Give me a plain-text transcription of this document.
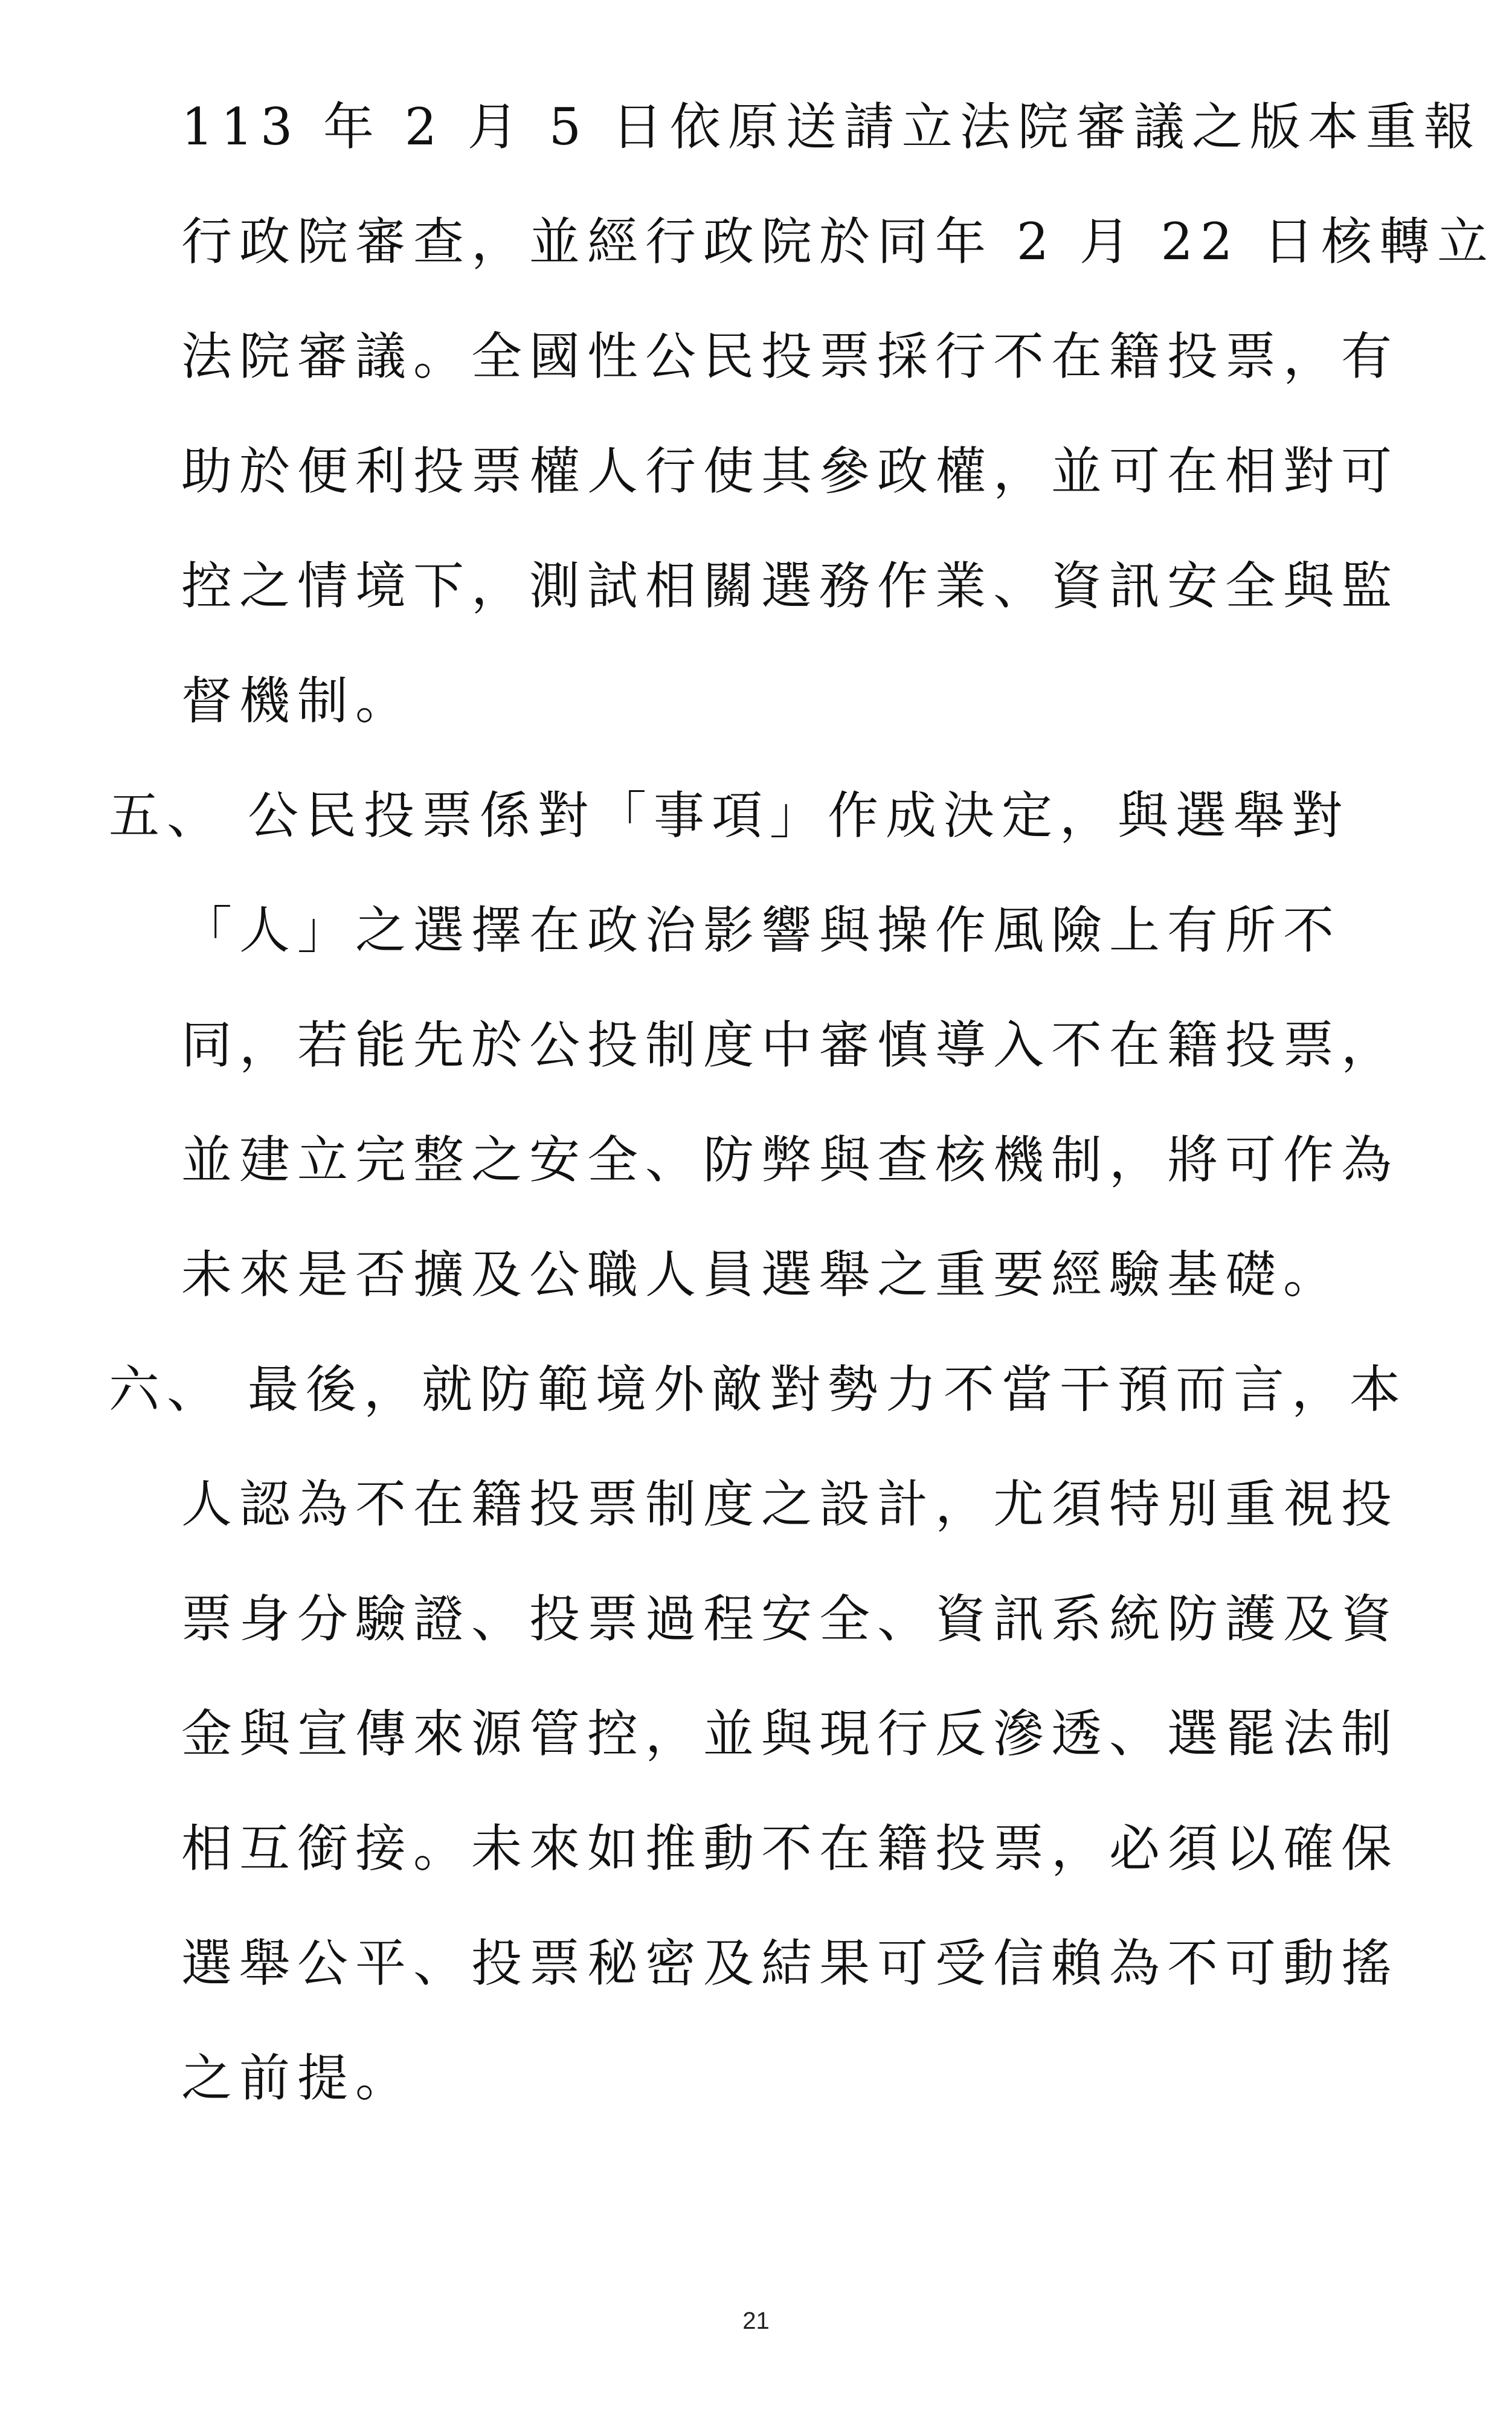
113 年 2 月 5 日依原送請立法院審議之版本重報
行政院審查，並經行政院於同年 2 月 22 日核轉立
法院審議。全國性公民投票採行不在籍投票，有
助於便利投票權人行使其參政權，並可在相對可
控之情境下，測試相關選務作業、資訊安全與監
督機制。
五、 公民投票係對「事項」作成決定，與選舉對
「人」之選擇在政治影響與操作風險上有所不
同，若能先於公投制度中審慎導入不在籍投票，
並建立完整之安全、防弊與查核機制，將可作為
未來是否擴及公職人員選舉之重要經驗基礎。
六、 最後，就防範境外敵對勢力不當干預而言，本
人認為不在籍投票制度之設計，尤須特別重視投
票身分驗證、投票過程安全、資訊系統防護及資
金與宣傳來源管控，並與現行反滲透、選罷法制
相互銜接。未來如推動不在籍投票，必須以確保
選舉公平、投票秘密及結果可受信賴為不可動搖
之前提。
21
